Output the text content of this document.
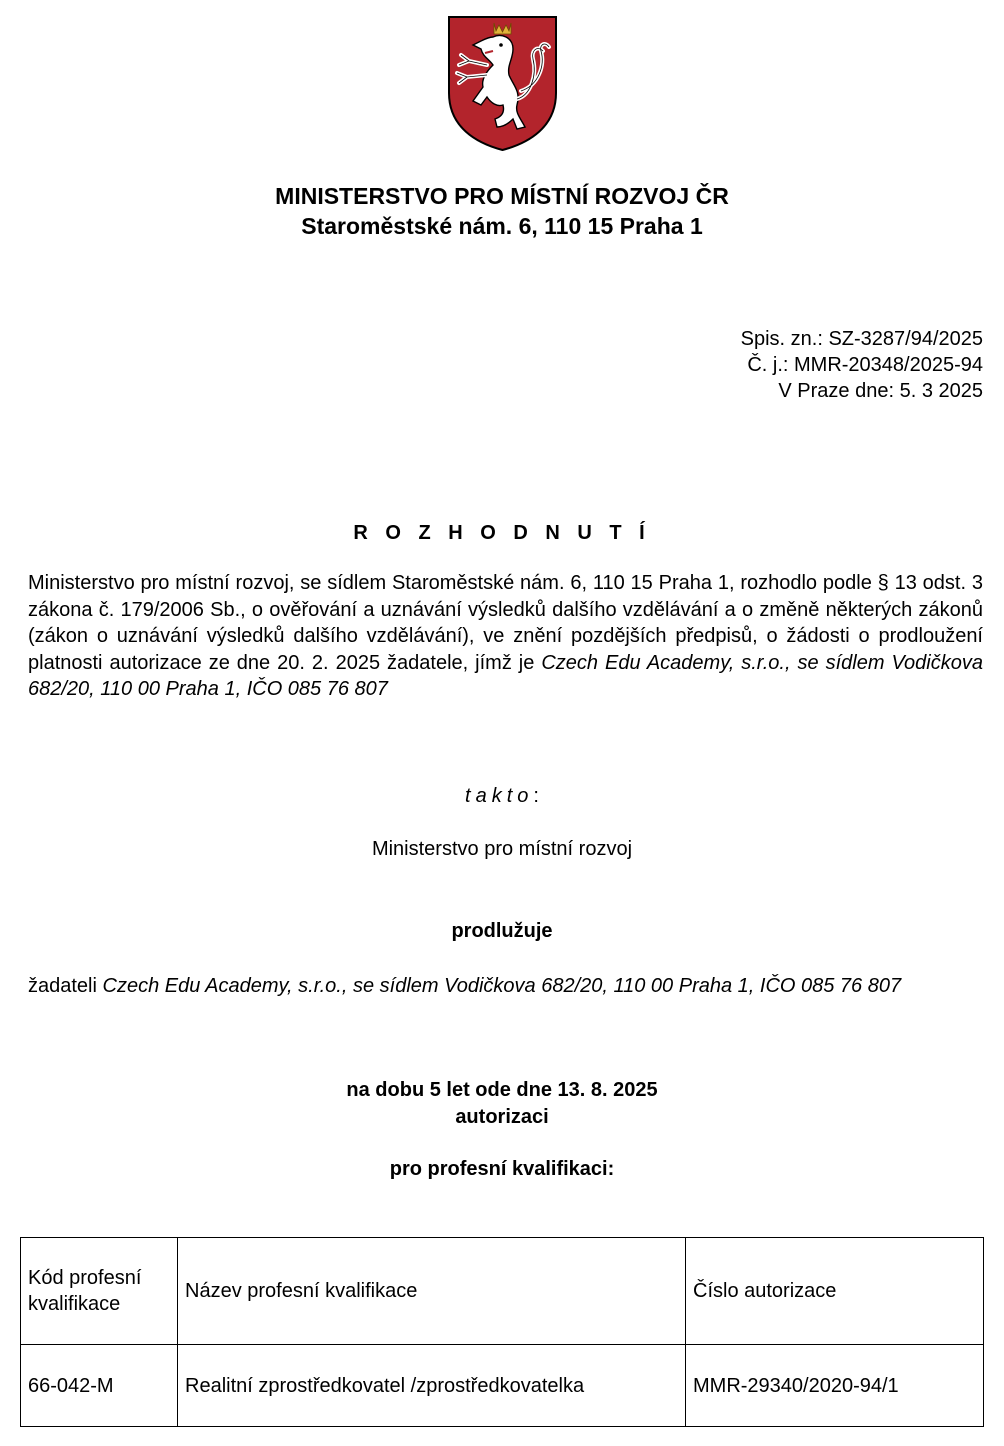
MINISTERSTVO PRO MÍSTNÍ ROZVOJ ČR
Staroměstské nám. 6, 110 15 Praha 1
Spis. zn.: SZ-3287/94/2025
Č. j.: MMR-20348/2025-94
V Praze dne: 5. 3 2025
R O Z H O D N U T Í
Ministerstvo pro místní rozvoj, se sídlem Staroměstské nám. 6, 110 15 Praha 1, rozhodlo podle § 13 odst. 3 zákona č. 179/2006 Sb., o ověřování a uznávání výsledků dalšího vzdělávání a o změně některých zákonů (zákon o uznávání výsledků dalšího vzdělávání), ve znění pozdějších předpisů, o žádosti o prodloužení platnosti autorizace ze dne 20. 2. 2025 žadatele, jímž je Czech Edu Academy, s.r.o., se sídlem Vodičkova 682/20, 110 00 Praha 1, IČO 085 76 807
takto:
Ministerstvo pro místní rozvoj
prodlužuje
žadateli Czech Edu Academy, s.r.o., se sídlem Vodičkova 682/20, 110 00 Praha 1, IČO 085 76 807
na dobu 5 let ode dne 13. 8. 2025
autorizaci
pro profesní kvalifikaci:
Kód profesní kvalifikace	Název profesní kvalifikace	Číslo autorizace
66-042-M	Realitní zprostředkovatel /zprostředkovatelka	MMR-29340/2020-94/1
